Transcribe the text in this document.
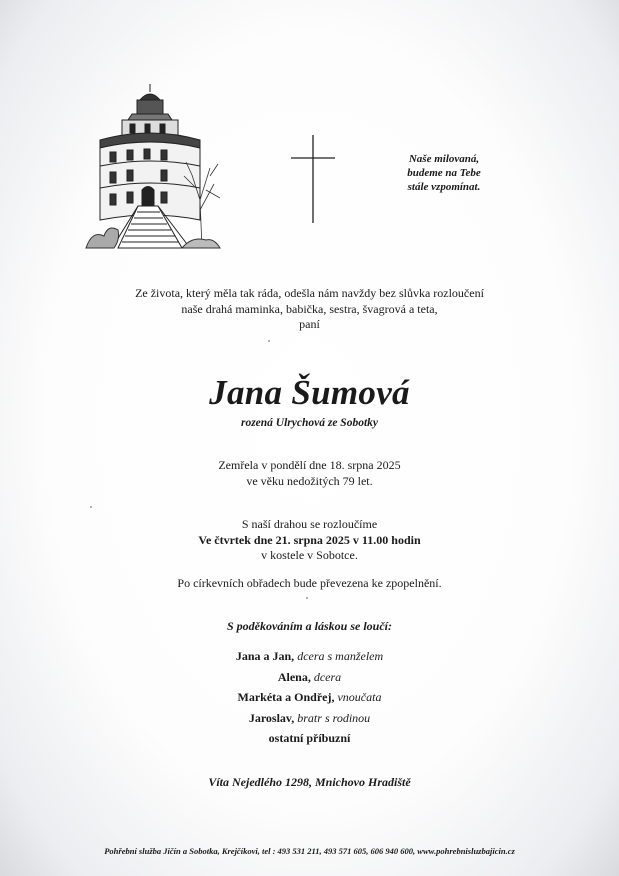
Naše milovaná,
budeme na Tebe
stále vzpomínat.
Ze života, který měla tak ráda, odešla nám navždy bez slůvka rozloučení
naše drahá maminka, babička, sestra, švagrová a teta,
paní
Jana Šumová
rozená Ulrychová ze Sobotky
Zemřela v pondělí dne 18. srpna 2025
ve věku nedožitých 79 let.
S naší drahou se rozloučíme
Ve čtvrtek dne 21. srpna 2025 v 11.00 hodin
v kostele v Sobotce.
Po církevních obřadech bude převezena ke zpopelnění.
S poděkováním a láskou se loučí:
Jana a Jan, dcera s manželem
Alena, dcera
Markéta a Ondřej, vnoučata
Jaroslav, bratr s rodinou
ostatní příbuzní
Víta Nejedlého 1298, Mnichovo Hradiště
Pohřební služba Jičín a Sobotka, Krejčíkovi, tel : 493 531 211, 493 571 605, 606 940 600, www.pohrebnisluzbajicin.cz
